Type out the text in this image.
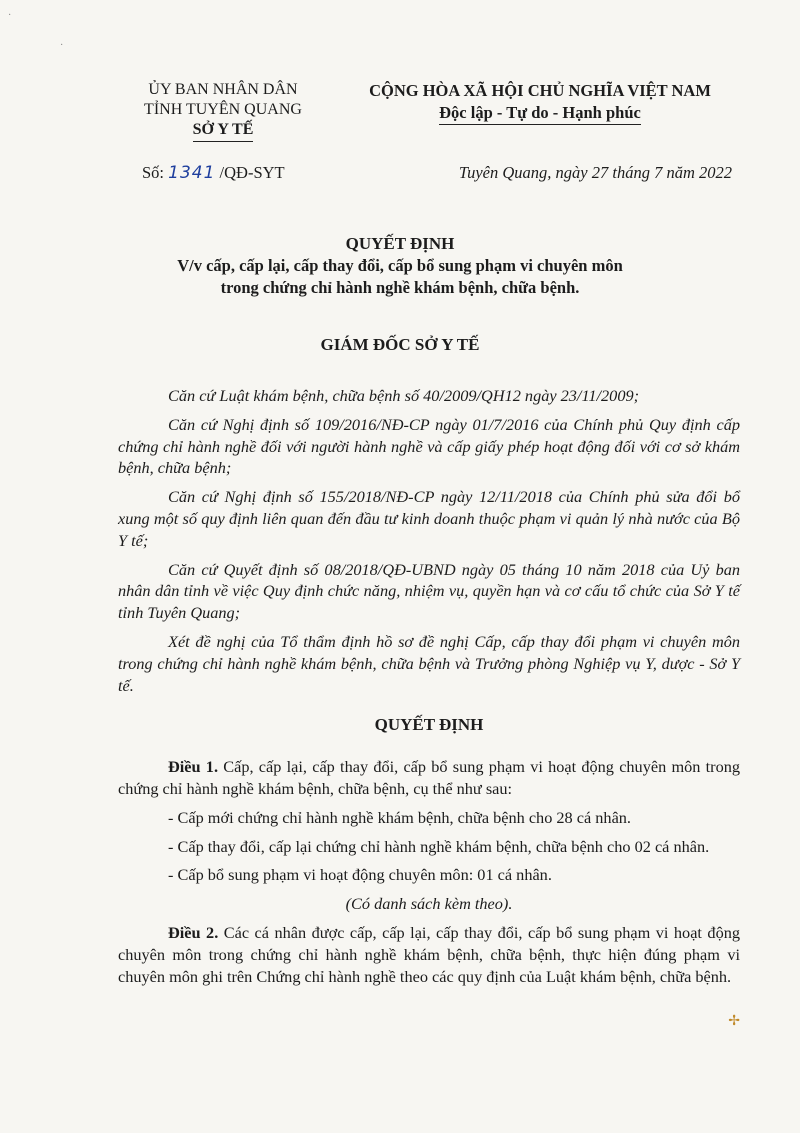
ỦY BAN NHÂN DÂN
TỈNH TUYÊN QUANG
SỞ Y TẾ
CỘNG HÒA XÃ HỘI CHỦ NGHĨA VIỆT NAM
Độc lập - Tự do - Hạnh phúc
Số: 1341 /QĐ-SYT	Tuyên Quang, ngày 27 tháng 7 năm 2022
QUYẾT ĐỊNH
V/v cấp, cấp lại, cấp thay đổi, cấp bổ sung phạm vi chuyên môn
trong chứng chỉ hành nghề khám bệnh, chữa bệnh.
GIÁM ĐỐC SỞ Y TẾ

Căn cứ Luật khám bệnh, chữa bệnh số 40/2009/QH12 ngày 23/11/2009;

Căn cứ Nghị định số 109/2016/NĐ-CP ngày 01/7/2016 của Chính phủ Quy định cấp chứng chỉ hành nghề đối với người hành nghề và cấp giấy phép hoạt động đối với cơ sở khám bệnh, chữa bệnh;

Căn cứ Nghị định số 155/2018/NĐ-CP ngày 12/11/2018 của Chính phủ sửa đổi bổ xung một số quy định liên quan đến đầu tư kinh doanh thuộc phạm vi quản lý nhà nước của Bộ Y tế;

Căn cứ Quyết định số 08/2018/QĐ-UBND ngày 05 tháng 10 năm 2018 của Uỷ ban nhân dân tỉnh về việc Quy định chức năng, nhiệm vụ, quyền hạn và cơ cấu tổ chức của Sở Y tế tỉnh Tuyên Quang;

Xét đề nghị của Tổ thẩm định hồ sơ đề nghị Cấp, cấp thay đổi phạm vi chuyên môn trong chứng chỉ hành nghề khám bệnh, chữa bệnh và Trưởng phòng Nghiệp vụ Y, dược - Sở Y tế.

QUYẾT ĐỊNH

Điều 1. Cấp, cấp lại, cấp thay đổi, cấp bổ sung phạm vi hoạt động chuyên môn trong chứng chỉ hành nghề khám bệnh, chữa bệnh, cụ thể như sau:

- Cấp mới chứng chỉ hành nghề khám bệnh, chữa bệnh cho 28 cá nhân.

- Cấp thay đổi, cấp lại chứng chỉ hành nghề khám bệnh, chữa bệnh cho 02 cá nhân.

- Cấp bổ sung phạm vi hoạt động chuyên môn: 01 cá nhân.

(Có danh sách kèm theo).

Điều 2. Các cá nhân được cấp, cấp lại, cấp thay đổi, cấp bổ sung phạm vi hoạt động chuyên môn trong chứng chỉ hành nghề khám bệnh, chữa bệnh, thực hiện đúng phạm vi chuyên môn ghi trên Chứng chỉ hành nghề theo các quy định của Luật khám bệnh, chữa bệnh.

·
·
✢
